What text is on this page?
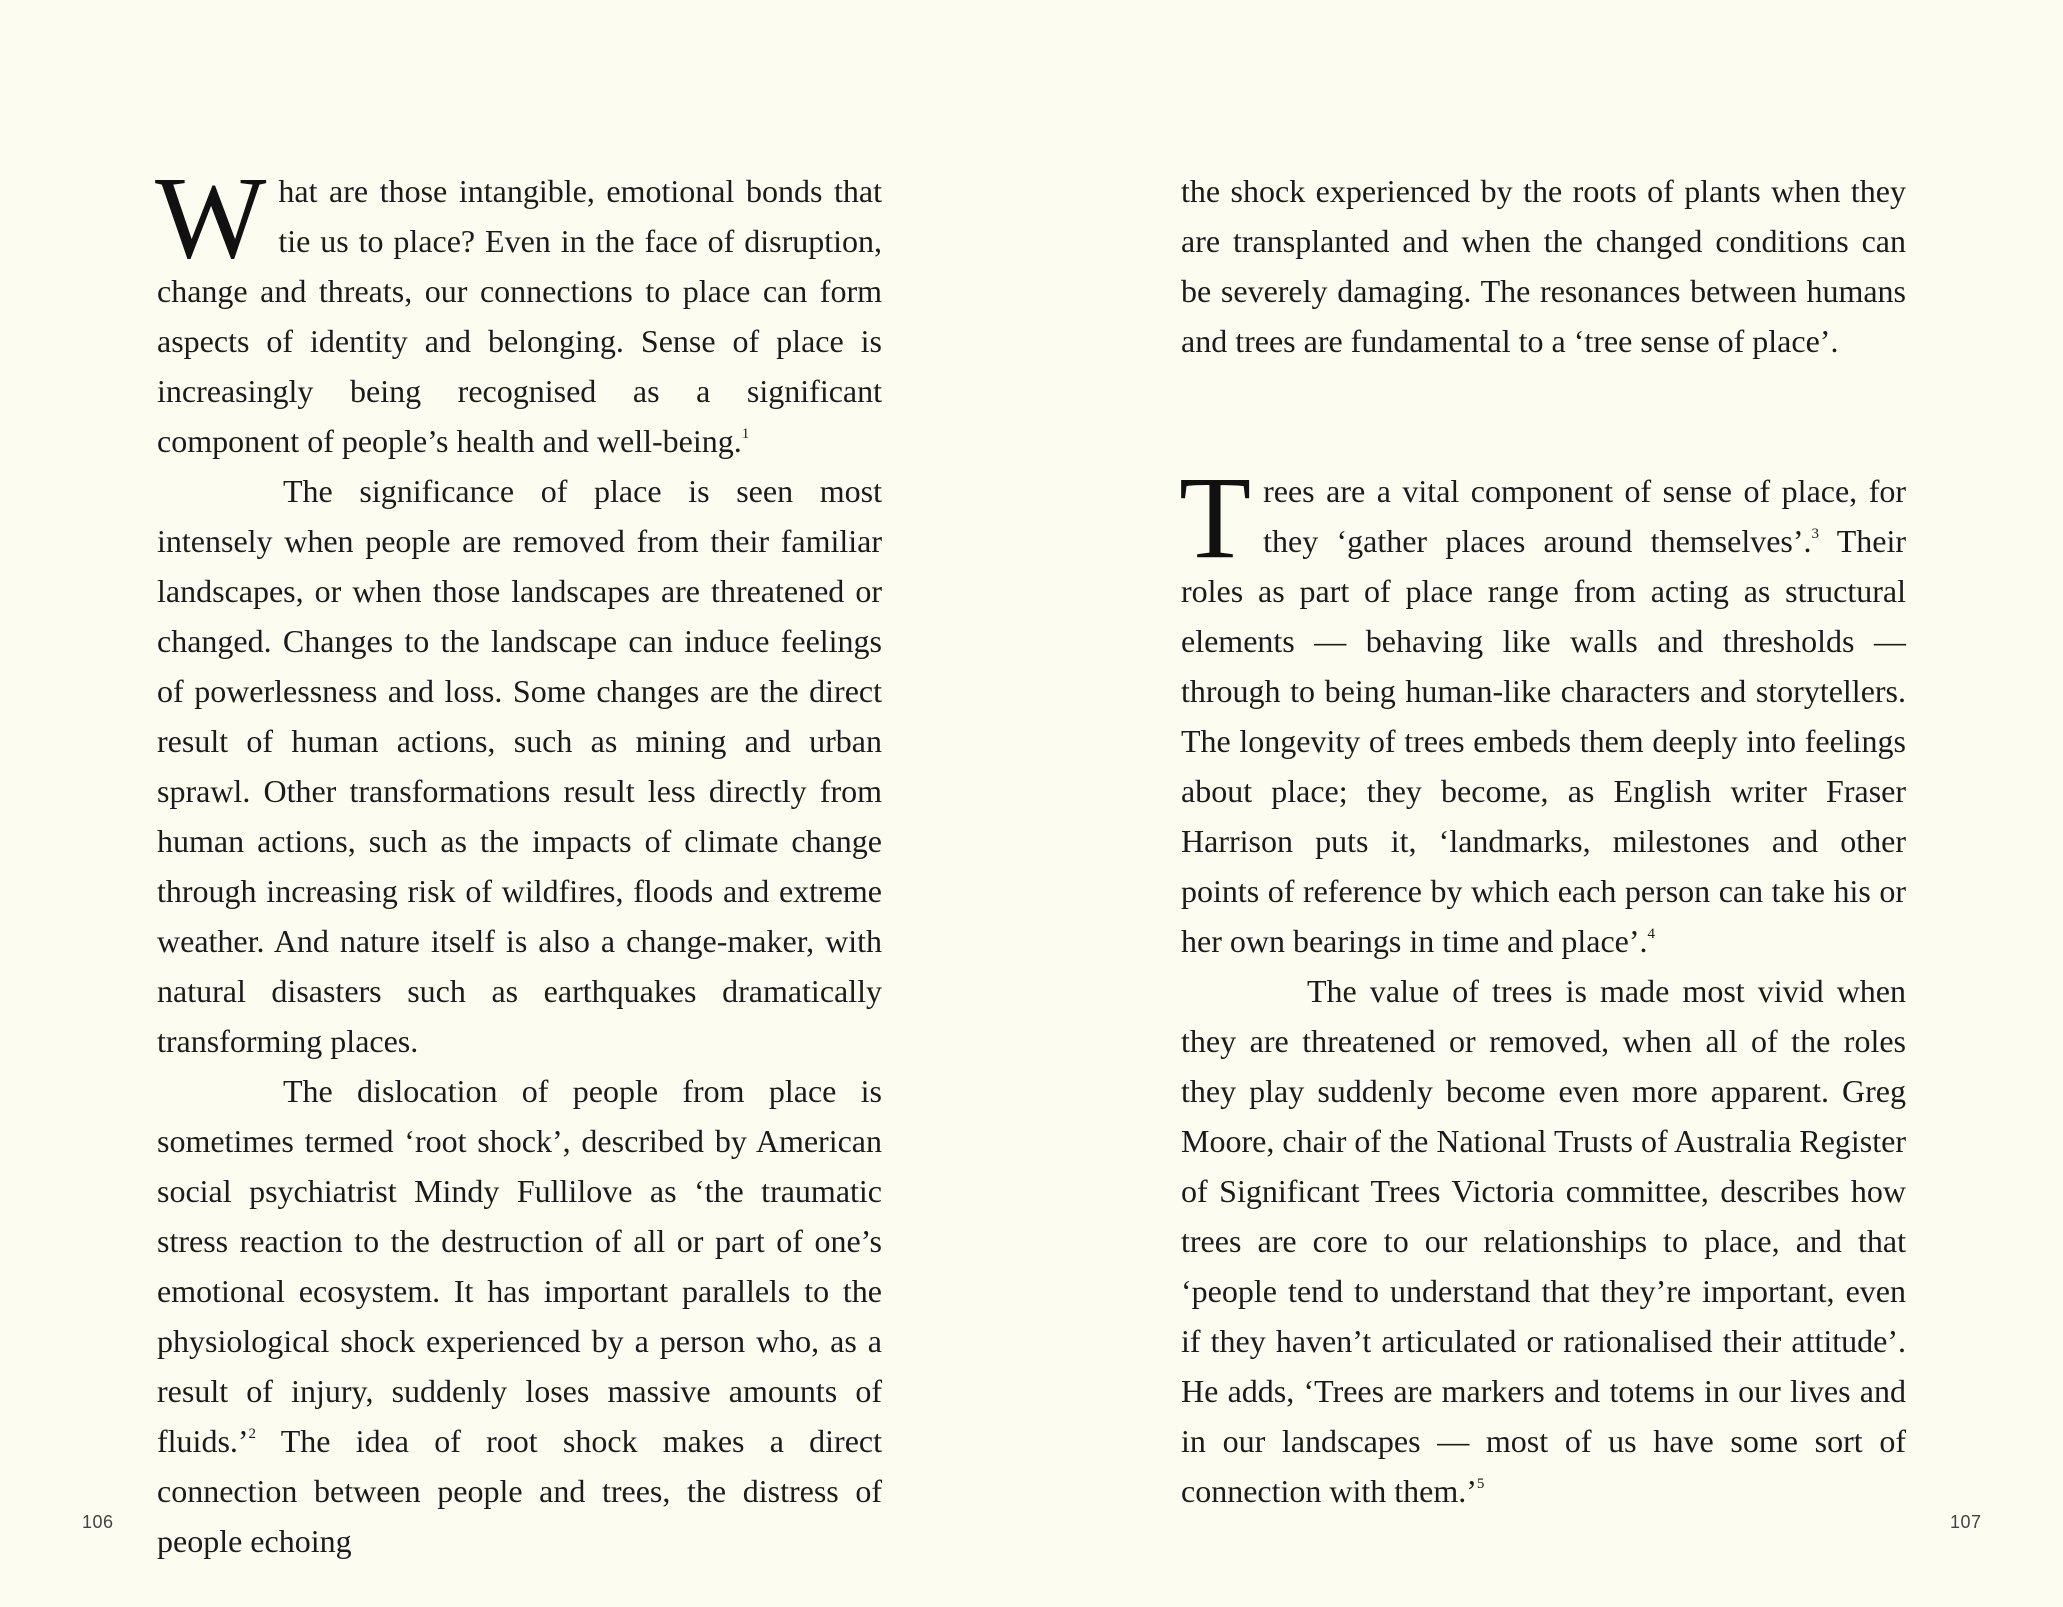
What are those intangible, emotional bonds that tie us to place? Even in the face of disruption, change and threats, our connections to place can form aspects of identity and belonging. Sense of place is increasingly being recognised as a significant component of people’s health and well-being.$^1$

The significance of place is seen most intensely when people are removed from their familiar landscapes, or when those landscapes are threatened or changed. Changes to the landscape can induce feelings of powerlessness and loss. Some changes are the direct result of human actions, such as mining and urban sprawl. Other transformations result less directly from human actions, such as the impacts of climate change through increasing risk of wildfires, floods and extreme weather. And nature itself is also a change-maker, with natural disasters such as earthquakes dramatically transforming places.

The dislocation of people from place is sometimes termed ‘root shock’, described by American social psychiatrist Mindy Fullilove as ‘the traumatic stress reaction to the destruction of all or part of one’s emotional ecosystem. It has important parallels to the physiological shock experienced by a person who, as a result of injury, suddenly loses massive amounts of fluids.’$^2$ The idea of root shock makes a direct connection between people and trees, the distress of people echoing

the shock experienced by the roots of plants when they are transplanted and when the changed conditions can be severely damaging. The resonances between humans and trees are fundamental to a ‘tree sense of place’.

Trees are a vital component of sense of place, for they ‘gather places around themselves’.$^3$ Their roles as part of place range from acting as structural elements — behaving like walls and thresholds — through to being human-like characters and storytellers. The longevity of trees embeds them deeply into feelings about place; they become, as English writer Fraser Harrison puts it, ‘landmarks, milestones and other points of reference by which each person can take his or her own bearings in time and place’.$^4$

The value of trees is made most vivid when they are threatened or removed, when all of the roles they play suddenly become even more apparent. Greg Moore, chair of the National Trusts of Australia Register of Significant Trees Victoria committee, describes how trees are core to our relationships to place, and that ‘people tend to understand that they’re important, even if they haven’t articulated or rationalised their attitude’. He adds, ‘Trees are markers and totems in our lives and in our landscapes — most of us have some sort of connection with them.’$^5$

106	107
